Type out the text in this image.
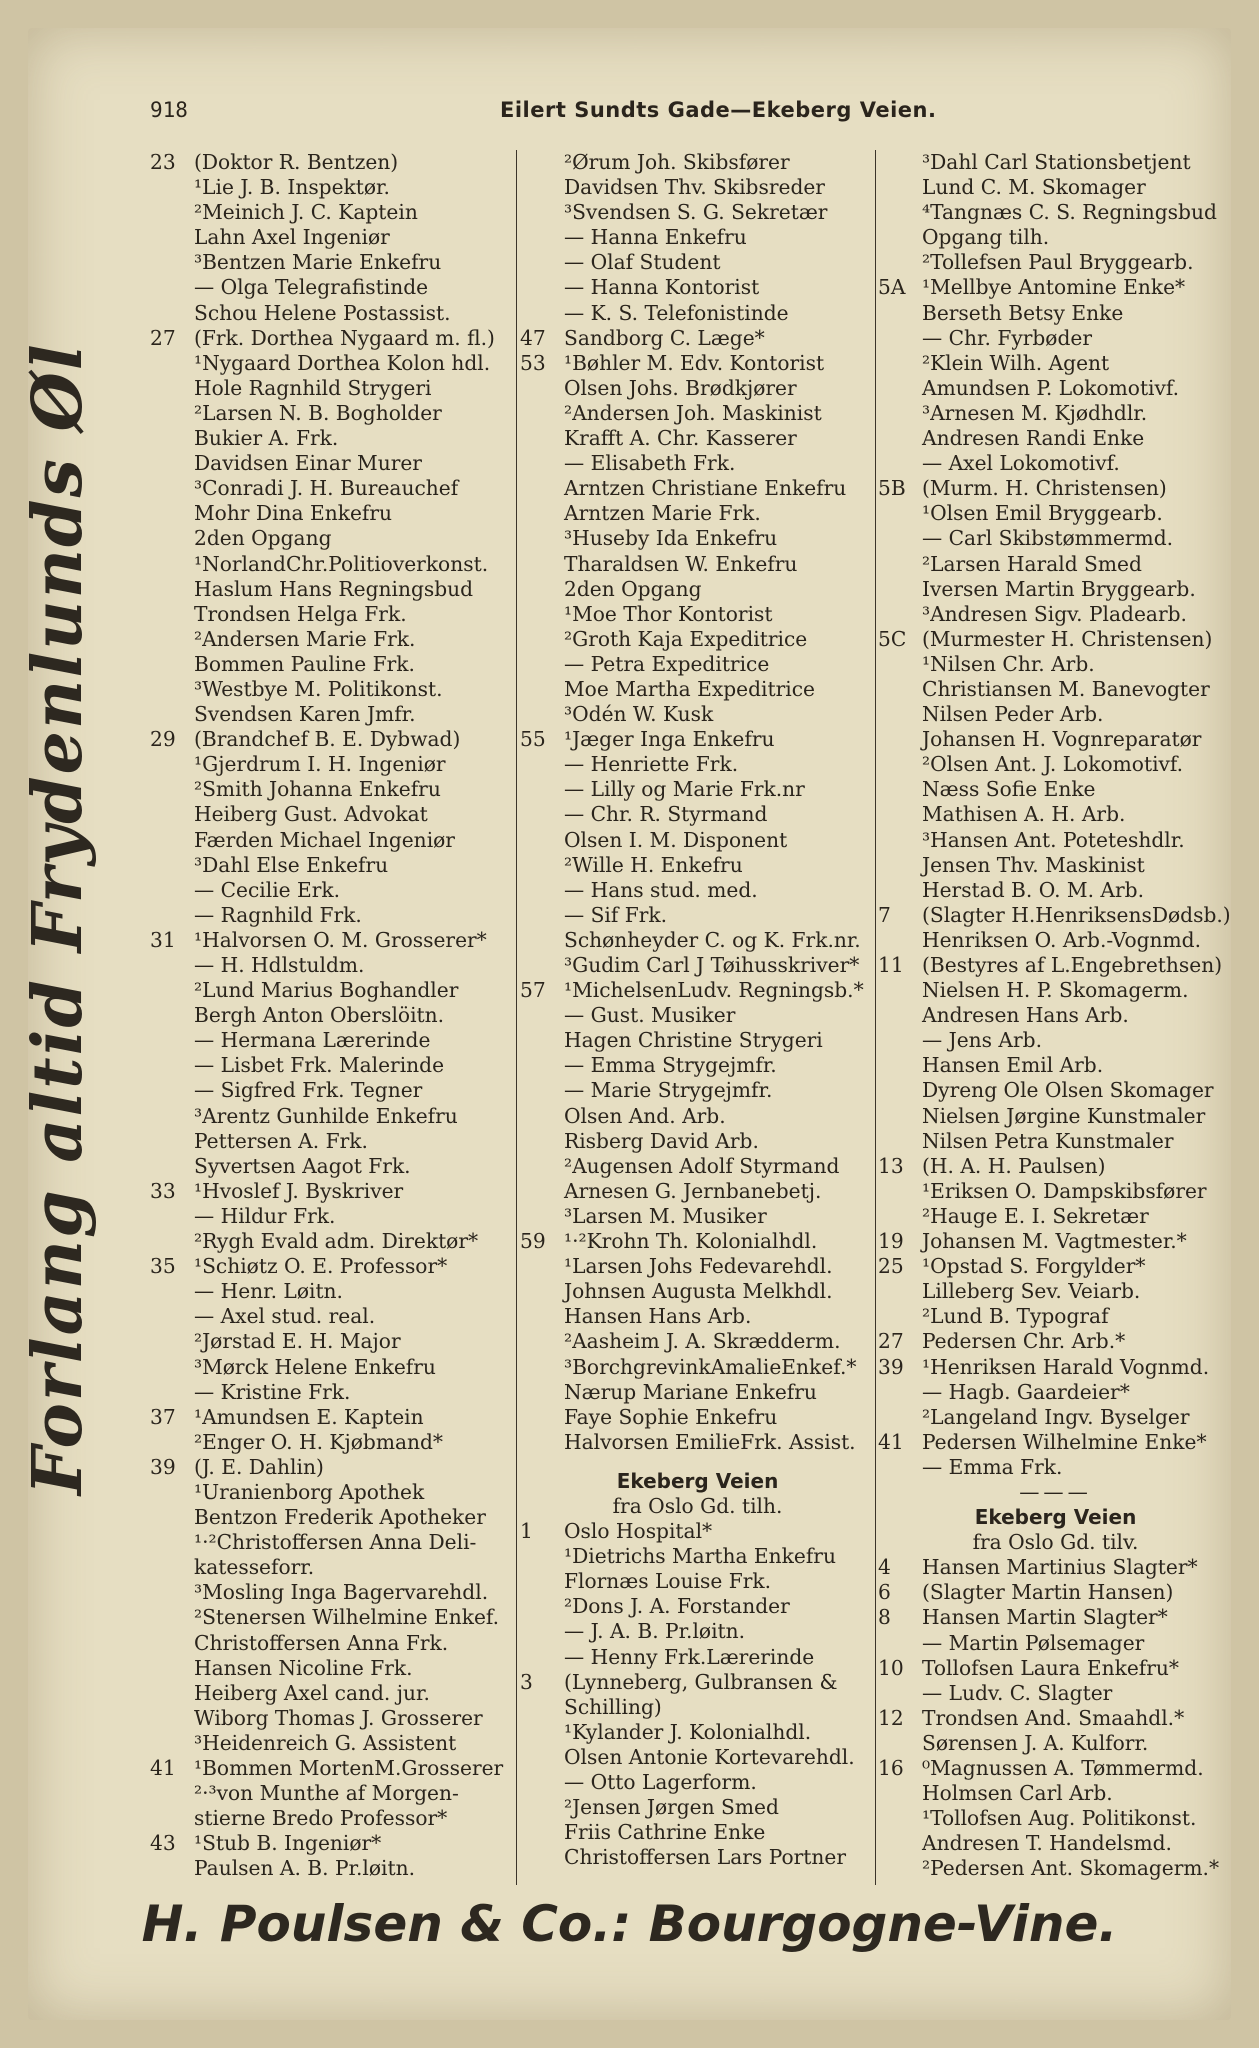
918	Eilert Sundts Gade—Ekeberg Veien.
Forlang altid Frydenlunds Øl
23 (Doktor R. Bentzen)
¹Lie J. B. Inspektør.
²Meinich J. C. Kaptein
Lahn Axel Ingeniør
³Bentzen Marie Enkefru
— Olga Telegrafistinde
Schou Helene Postassist.
27 (Frk. Dorthea Nygaard m. fl.)
¹Nygaard Dorthea Kolon hdl.
Hole Ragnhild Strygeri
²Larsen N. B. Bogholder
Bukier A. Frk.
Davidsen Einar Murer
³Conradi J. H. Bureauchef
Mohr Dina Enkefru
2den Opgang
¹NorlandChr.Politioverkonst.
Haslum Hans Regningsbud
Trondsen Helga Frk.
²Andersen Marie Frk.
Bommen Pauline Frk.
³Westbye M. Politikonst.
Svendsen Karen Jmfr.
29 (Brandchef B. E. Dybwad)
¹Gjerdrum I. H. Ingeniør
²Smith Johanna Enkefru
Heiberg Gust. Advokat
Færden Michael Ingeniør
³Dahl Else Enkefru
— Cecilie Erk.
— Ragnhild Frk.
31 ¹Halvorsen O. M. Grosserer*
— H. Hdlstuldm.
²Lund Marius Boghandler
Bergh Anton Oberslöitn.
— Hermana Lærerinde
— Lisbet Frk. Malerinde
— Sigfred Frk. Tegner
³Arentz Gunhilde Enkefru
Pettersen A. Frk.
Syvertsen Aagot Frk.
33 ¹Hvoslef J. Byskriver
— Hildur Frk.
²Rygh Evald adm. Direktør*
35 ¹Schiøtz O. E. Professor*
— Henr. Løitn.
— Axel stud. real.
²Jørstad E. H. Major
³Mørck Helene Enkefru
— Kristine Frk.
37 ¹Amundsen E. Kaptein
²Enger O. H. Kjøbmand*
39 (J. E. Dahlin)
¹Uranienborg Apothek
Bentzon Frederik Apotheker
¹·²Christoffersen Anna Deli-
katesseforr.
³Mosling Inga Bagervarehdl.
²Stenersen Wilhelmine Enkef.
Christoffersen Anna Frk.
Hansen Nicoline Frk.
Heiberg Axel cand. jur.
Wiborg Thomas J. Grosserer
³Heidenreich G. Assistent
41 ¹Bommen MortenM.Grosserer
²·³von Munthe af Morgen-
stierne Bredo Professor*
43 ¹Stub B. Ingeniør*
Paulsen A. B. Pr.løitn.
²Ørum Joh. Skibsfører
Davidsen Thv. Skibsreder
³Svendsen S. G. Sekretær
— Hanna Enkefru
— Olaf Student
— Hanna Kontorist
— K. S. Telefonistinde
47 Sandborg C. Læge*
53 ¹Bøhler M. Edv. Kontorist
Olsen Johs. Brødkjører
²Andersen Joh. Maskinist
Krafft A. Chr. Kasserer
— Elisabeth Frk.
Arntzen Christiane Enkefru
Arntzen Marie Frk.
³Huseby Ida Enkefru
Tharaldsen W. Enkefru
2den Opgang
¹Moe Thor Kontorist
²Groth Kaja Expeditrice
— Petra Expeditrice
Moe Martha Expeditrice
³Odén W. Kusk
55 ¹Jæger Inga Enkefru
— Henriette Frk.
— Lilly og Marie Frk.nr
— Chr. R. Styrmand
Olsen I. M. Disponent
²Wille H. Enkefru
— Hans stud. med.
— Sif Frk.
Schønheyder C. og K. Frk.nr.
³Gudim Carl J Tøihusskriver*
57 ¹MichelsenLudv. Regningsb.*
— Gust. Musiker
Hagen Christine Strygeri
— Emma Strygejmfr.
— Marie Strygejmfr.
Olsen And. Arb.
Risberg David Arb.
²Augensen Adolf Styrmand
Arnesen G. Jernbanebetj.
³Larsen M. Musiker
59 ¹·²Krohn Th. Kolonialhdl.
¹Larsen Johs Fedevarehdl.
Johnsen Augusta Melkhdl.
Hansen Hans Arb.
²Aasheim J. A. Skrædderm.
³BorchgrevinkAmalieEnkef.*
Nærup Mariane Enkefru
Faye Sophie Enkefru
Halvorsen EmilieFrk. Assist.
Ekeberg Veien
fra Oslo Gd. tilh.
1	Oslo Hospital*
¹Dietrichs Martha Enkefru
Flornæs Louise Frk.
²Dons J. A. Forstander
— J. A. B. Pr.løitn.
— Henny Frk.Lærerinde
3	(Lynneberg, Gulbransen &
Schilling)
¹Kylander J. Kolonialhdl.
Olsen Antonie Kortevarehdl.
— Otto Lagerform.
²Jensen Jørgen Smed
Friis Cathrine Enke
Christoffersen Lars Portner
³Dahl Carl Stationsbetjent
Lund C. M. Skomager
⁴Tangnæs C. S. Regningsbud
Opgang tilh.
²Tollefsen Paul Bryggearb.
5A ¹Mellbye Antomine Enke*
Berseth Betsy Enke
— Chr. Fyrbøder
²Klein Wilh. Agent
Amundsen P. Lokomotivf.
³Arnesen M. Kjødhdlr.
Andresen Randi Enke
— Axel Lokomotivf.
5B (Murm. H. Christensen)
¹Olsen Emil Bryggearb.
— Carl Skibstømmermd.
²Larsen Harald Smed
Iversen Martin Bryggearb.
³Andresen Sigv. Pladearb.
5C (Murmester H. Christensen)
¹Nilsen Chr. Arb.
Christiansen M. Banevogter
Nilsen Peder Arb.
Johansen H. Vognreparatør
²Olsen Ant. J. Lokomotivf.
Næss Sofie Enke
Mathisen A. H. Arb.
³Hansen Ant. Poteteshdlr.
Jensen Thv. Maskinist
Herstad B. O. M. Arb.
7	(Slagter H.HenriksensDødsb.)
Henriksen O. Arb.-Vognmd.
11 (Bestyres af L.Engebrethsen)
Nielsen H. P. Skomagerm.
Andresen Hans Arb.
— Jens Arb.
Hansen Emil Arb.
Dyreng Ole Olsen Skomager
Nielsen Jørgine Kunstmaler
Nilsen Petra Kunstmaler
13 (H. A. H. Paulsen)
¹Eriksen O. Dampskibsfører
²Hauge E. I. Sekretær
19 Johansen M. Vagtmester.*
25 ¹Opstad S. Forgylder*
Lilleberg Sev. Veiarb.
²Lund B. Typograf
27 Pedersen Chr. Arb.*
39 ¹Henriksen Harald Vognmd.
— Hagb. Gaardeier*
²Langeland Ingv. Byselger
41 Pedersen Wilhelmine Enke*
— Emma Frk.
———
Ekeberg Veien
fra Oslo Gd. tilv.
4	Hansen Martinius Slagter*
6	(Slagter Martin Hansen)
8	Hansen Martin Slagter*
— Martin Pølsemager
10 Tollofsen Laura Enkefru*
— Ludv. C. Slagter
12 Trondsen And. Smaahdl.*
Sørensen J. A. Kulforr.
16 ⁰Magnussen A. Tømmermd.
Holmsen Carl Arb.
¹Tollofsen Aug. Politikonst.
Andresen T. Handelsmd.
²Pedersen Ant. Skomagerm.*
H. Poulsen & Co.: Bourgogne-Vine.
